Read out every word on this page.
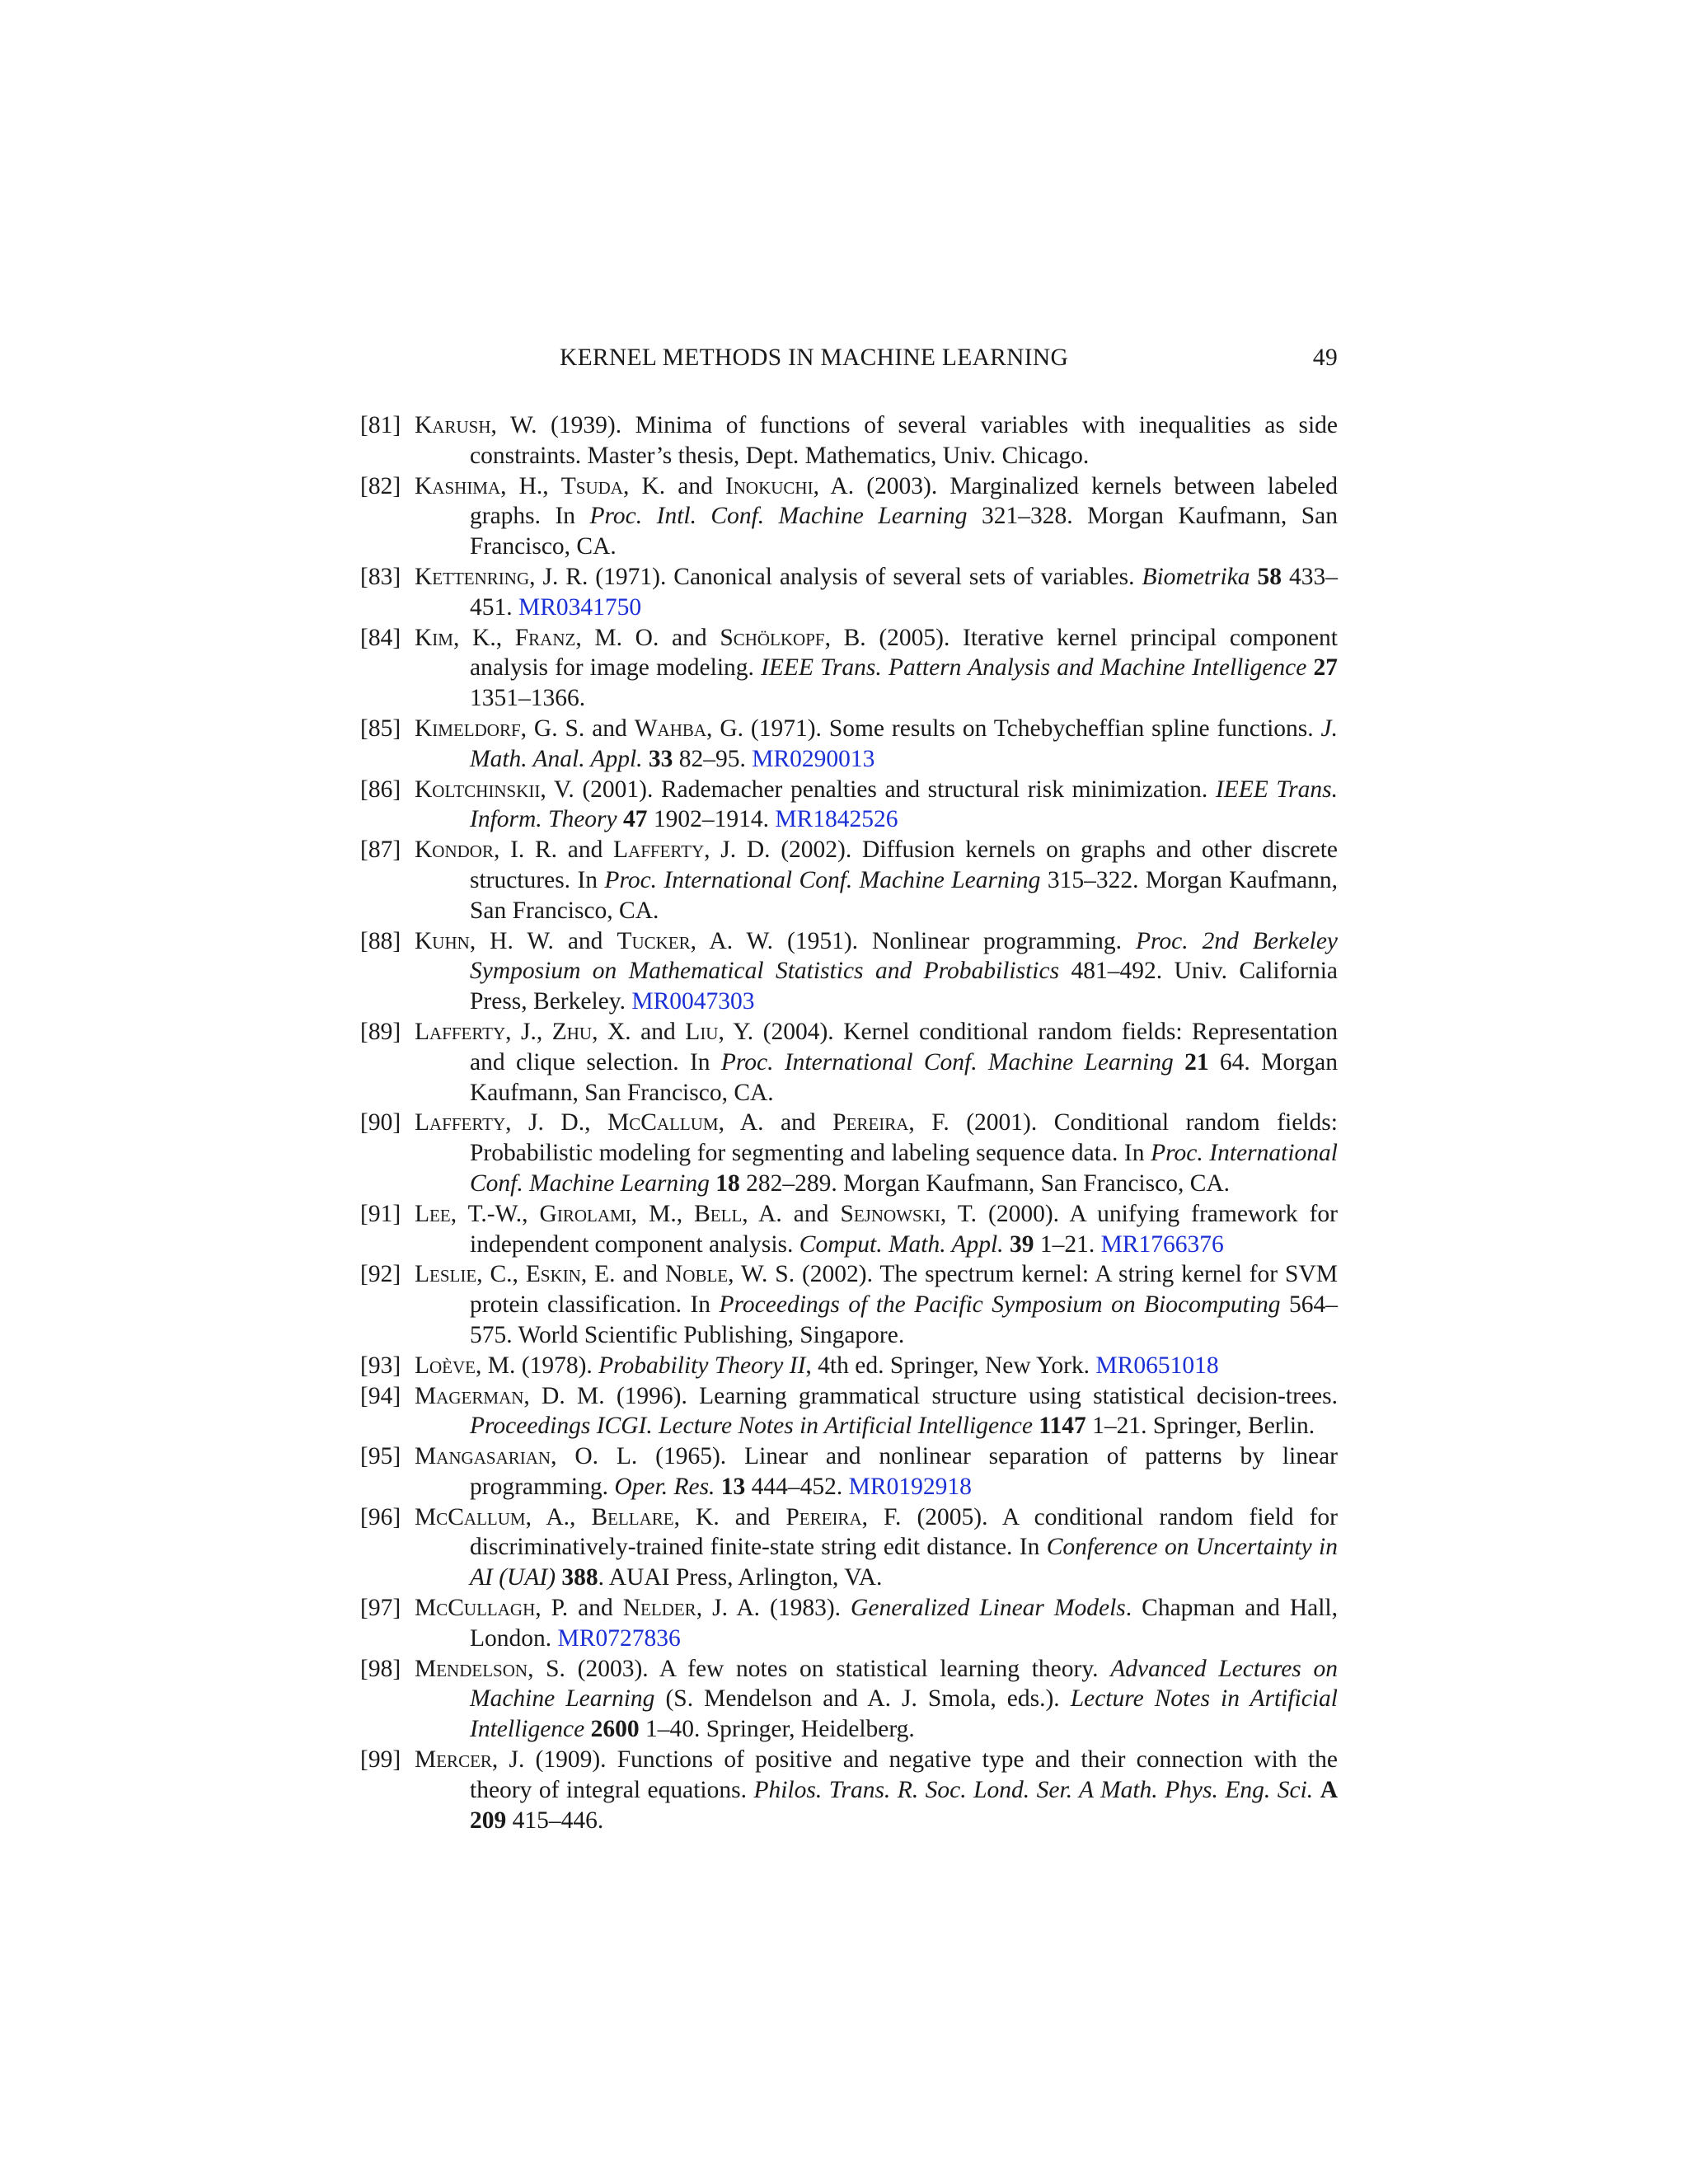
KERNEL METHODS IN MACHINE LEARNING	49

[81] Karush, W. (1939). Minima of functions of several variables with inequalities as side constraints. Master’s thesis, Dept. Mathematics, Univ. Chicago.

[82] Kashima, H., Tsuda, K. and Inokuchi, A. (2003). Marginalized kernels between labeled graphs. In Proc. Intl. Conf. Machine Learning 321–328. Morgan Kaufmann, San Francisco, CA.

[83] Kettenring, J. R. (1971). Canonical analysis of several sets of variables. Biometrika 58 433–451. MR0341750

[84] Kim, K., Franz, M. O. and Schölkopf, B. (2005). Iterative kernel principal component analysis for image modeling. IEEE Trans. Pattern Analysis and Machine Intelligence 27 1351–1366.

[85] Kimeldorf, G. S. and Wahba, G. (1971). Some results on Tchebycheffian spline functions. J. Math. Anal. Appl. 33 82–95. MR0290013

[86] Koltchinskii, V. (2001). Rademacher penalties and structural risk minimization. IEEE Trans. Inform. Theory 47 1902–1914. MR1842526

[87] Kondor, I. R. and Lafferty, J. D. (2002). Diffusion kernels on graphs and other discrete structures. In Proc. International Conf. Machine Learning 315–322. Morgan Kaufmann, San Francisco, CA.

[88] Kuhn, H. W. and Tucker, A. W. (1951). Nonlinear programming. Proc. 2nd Berkeley Symposium on Mathematical Statistics and Probabilistics 481–492. Univ. California Press, Berkeley. MR0047303

[89] Lafferty, J., Zhu, X. and Liu, Y. (2004). Kernel conditional random fields: Representation and clique selection. In Proc. International Conf. Machine Learning 21 64. Morgan Kaufmann, San Francisco, CA.

[90] Lafferty, J. D., McCallum, A. and Pereira, F. (2001). Conditional random fields: Probabilistic modeling for segmenting and labeling sequence data. In Proc. International Conf. Machine Learning 18 282–289. Morgan Kaufmann, San Francisco, CA.

[91] Lee, T.-W., Girolami, M., Bell, A. and Sejnowski, T. (2000). A unifying framework for independent component analysis. Comput. Math. Appl. 39 1–21. MR1766376

[92] Leslie, C., Eskin, E. and Noble, W. S. (2002). The spectrum kernel: A string kernel for SVM protein classification. In Proceedings of the Pacific Symposium on Biocomputing 564–575. World Scientific Publishing, Singapore.

[93] Loève, M. (1978). Probability Theory II, 4th ed. Springer, New York. MR0651018

[94] Magerman, D. M. (1996). Learning grammatical structure using statistical decision-trees. Proceedings ICGI. Lecture Notes in Artificial Intelligence 1147 1–21. Springer, Berlin.

[95] Mangasarian, O. L. (1965). Linear and nonlinear separation of patterns by linear programming. Oper. Res. 13 444–452. MR0192918

[96] McCallum, A., Bellare, K. and Pereira, F. (2005). A conditional random field for discriminatively-trained finite-state string edit distance. In Conference on Uncertainty in AI (UAI) 388. AUAI Press, Arlington, VA.

[97] McCullagh, P. and Nelder, J. A. (1983). Generalized Linear Models. Chapman and Hall, London. MR0727836

[98] Mendelson, S. (2003). A few notes on statistical learning theory. Advanced Lectures on Machine Learning (S. Mendelson and A. J. Smola, eds.). Lecture Notes in Artificial Intelligence 2600 1–40. Springer, Heidelberg.

[99] Mercer, J. (1909). Functions of positive and negative type and their connection with the theory of integral equations. Philos. Trans. R. Soc. Lond. Ser. A Math. Phys. Eng. Sci. A 209 415–446.
